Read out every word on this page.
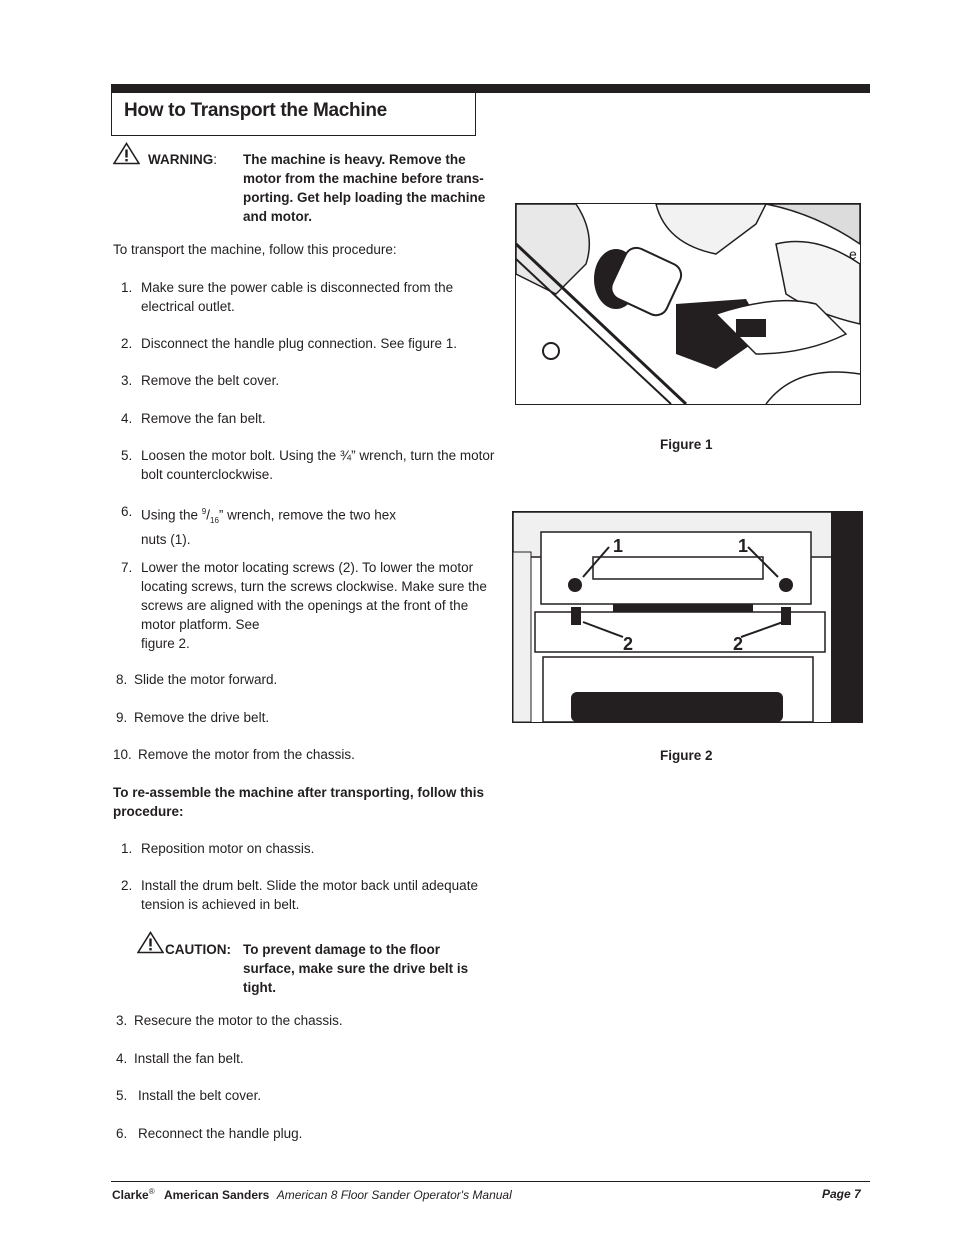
How to Transport the Machine
WARNING: The machine is heavy. Remove the
motor from the machine before trans-
porting. Get help loading the machine
and motor.
To transport the machine, follow this procedure:
1. Make sure the power cable is disconnected from the
electrical outlet.
2. Disconnect the handle plug connection. See figure 1.
3. Remove the belt cover.
4. Remove the fan belt.
5. Loosen the motor bolt. Using the ¾” wrench, turn the motor
bolt counterclockwise.
6. Using the $^9/_{16}$” wrench, remove the two hex
nuts (1).
7. Lower the motor locating screws (2). To lower the motor
locating screws, turn the screws clockwise. Make sure the
screws are aligned with the openings at the front of the
motor platform. See
figure 2.
8. Slide the motor forward.
9. Remove the drive belt.
10. Remove the motor from the chassis.
To re-assemble the machine after transporting, follow this
procedure:
1. Reposition motor on chassis.
2. Install the drum belt. Slide the motor back until adequate
tension is achieved in belt.
CAUTION: To prevent damage to the floor
surface, make sure the drive belt is
tight.
3. Resecure the motor to the chassis.
4. Install the fan belt.
5. Install the belt cover.
6. Reconnect the handle plug.
e
Figure 1
1	1
2	2
Figure 2
Clarke® American Sanders American 8 Floor Sander Operator's Manual	Page 7
